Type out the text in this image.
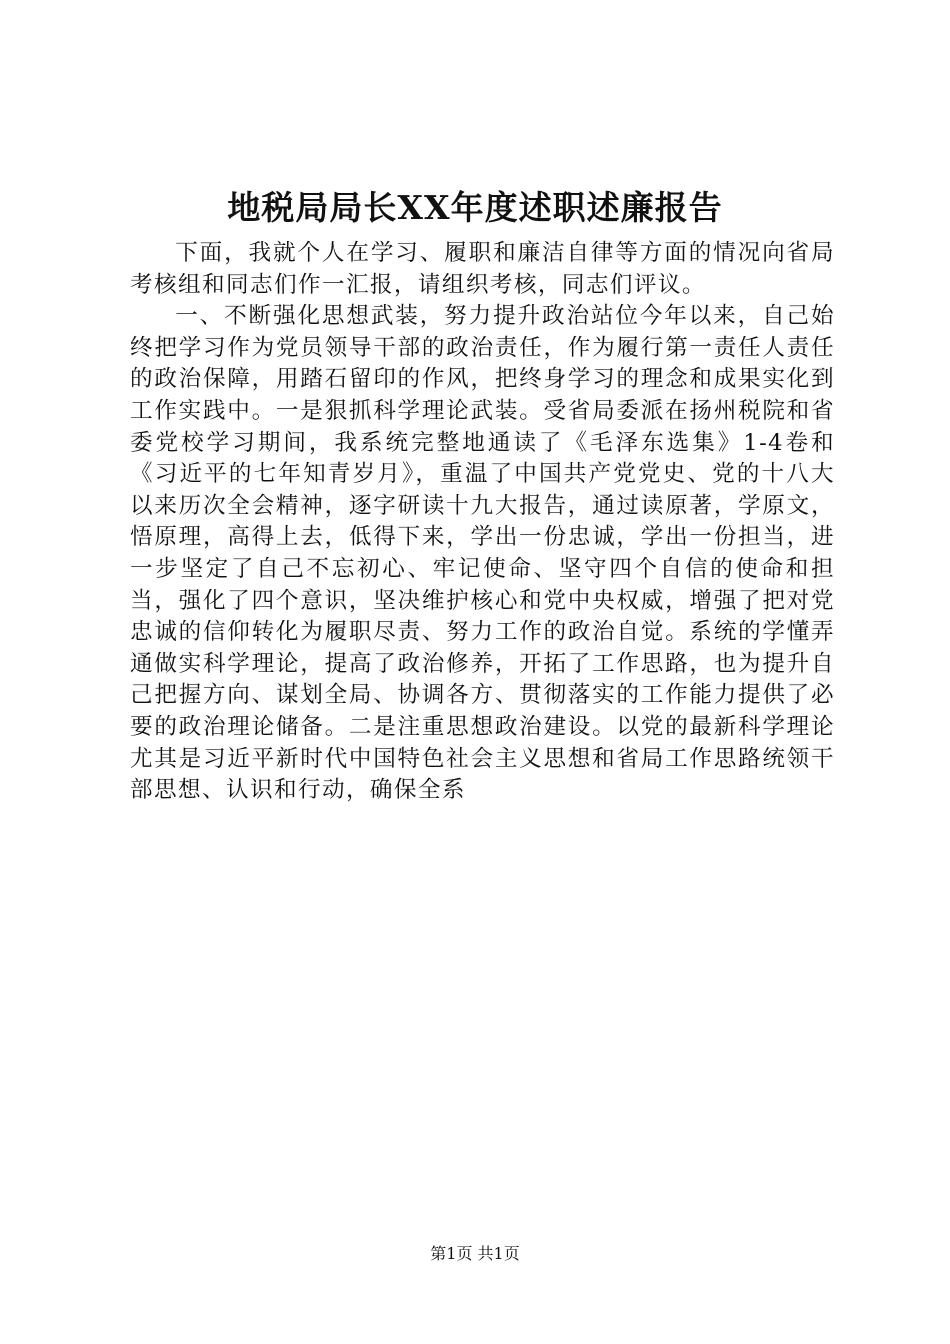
地税局局长XX年度述职述廉报告

下面，我就个人在学习、履职和廉洁自律等方面的情况向省局考核组和同志们作一汇报，请组织考核，同志们评议。

一、不断强化思想武装，努力提升政治站位今年以来，自己始终把学习作为党员领导干部的政治责任，作为履行第一责任人责任的政治保障，用踏石留印的作风，把终身学习的理念和成果实化到工作实践中。一是狠抓科学理论武装。受省局委派在扬州税院和省委党校学习期间，我系统完整地通读了《毛泽东选集》1-4卷和《习近平的七年知青岁月》，重温了中国共产党党史、党的十八大以来历次全会精神，逐字研读十九大报告，通过读原著，学原文，悟原理，高得上去，低得下来，学出一份忠诚，学出一份担当，进一步坚定了自己不忘初心、牢记使命、坚守四个自信的使命和担当，强化了四个意识，坚决维护核心和党中央权威，增强了把对党忠诚的信仰转化为履职尽责、努力工作的政治自觉。系统的学懂弄通做实科学理论，提高了政治修养，开拓了工作思路，也为提升自己把握方向、谋划全局、协调各方、贯彻落实的工作能力提供了必要的政治理论储备。二是注重思想政治建设。以党的最新科学理论尤其是习近平新时代中国特色社会主义思想和省局工作思路统领干部思想、认识和行动，确保全系

第1页 共1页
